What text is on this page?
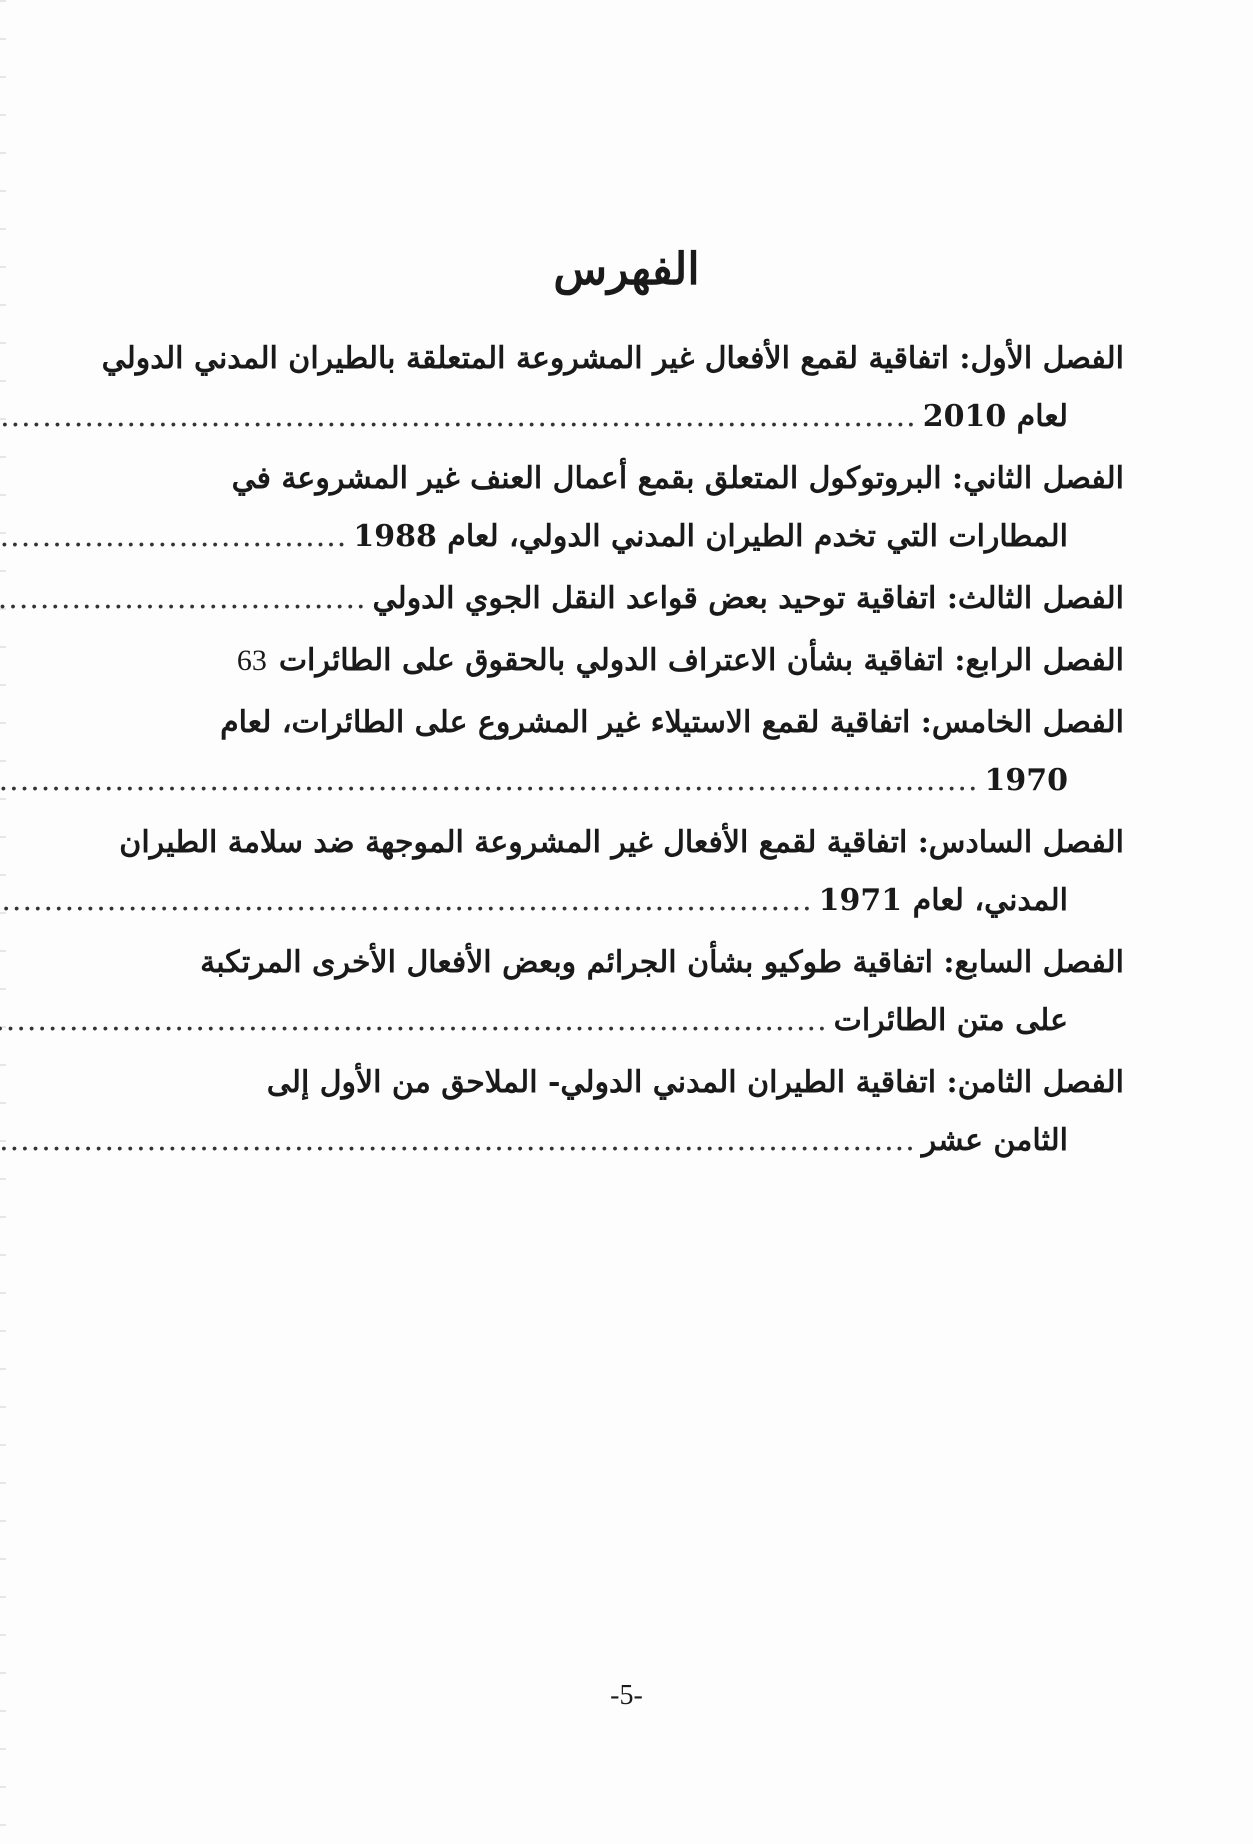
الفهرس
الفصل الأول: اتفاقية لقمع الأفعال غير المشروعة المتعلقة بالطيران المدني الدولي
لعام 2010
.....
الفصل الثاني: البروتوكول المتعلق بقمع أعمال العنف غير المشروعة في
المطارات التي تخدم الطيران المدني الدولي، لعام 1988
.....
الفصل الثالث: اتفاقية توحيد بعض قواعد النقل الجوي الدولي
.....
الفصل الرابع: اتفاقية بشأن الاعتراف الدولي بالحقوق على الطائرات
63
الفصل الخامس: اتفاقية لقمع الاستيلاء غير المشروع على الطائرات، لعام
1970
.....
الفصل السادس: اتفاقية لقمع الأفعال غير المشروعة الموجهة ضد سلامة الطيران
المدني، لعام 1971
.....
الفصل السابع: اتفاقية طوكيو بشأن الجرائم وبعض الأفعال الأخرى المرتكبة
على متن الطائرات
.....
الفصل الثامن: اتفاقية الطيران المدني الدولي- الملاحق من الأول إلى
الثامن عشر
.....
-5-
